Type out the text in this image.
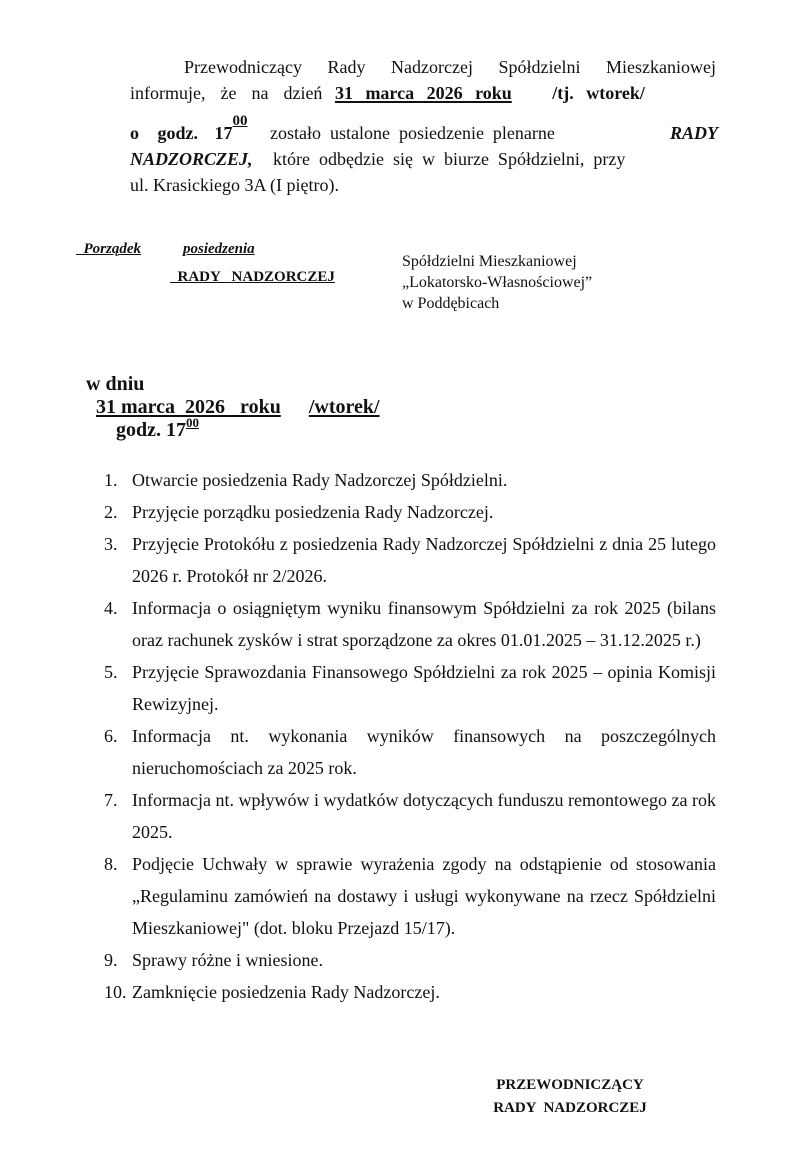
Przewodniczący Rady Nadzorczej Spółdzielni Mieszkaniowej
informuje,  że  na  dzień 31 marca 2026 roku /tj. wtorek/
o godz. $17^{00}$ zostało  ustalone  posiedzenie  plenarne	RADY
NADZORCZEJ, które  odbędzie  się  w  biurze  Spółdzielni,  przy
ul. Krasickiego 3A (I piętro).

Porządek	posiedzenia

RADY   NADZORCZEJ

Spółdzielni Mieszkaniowej
„Lokatorsko-Własnościowej”
w Poddębicach

w dniu
31 marca  2026   roku /wtorek/
godz. $17^{00}$

1. Otwarcie posiedzenia Rady Nadzorczej Spółdzielni.
2. Przyjęcie porządku posiedzenia Rady Nadzorczej.
3. Przyjęcie Protokółu z posiedzenia Rady Nadzorczej Spółdzielni z dnia 25 lutego 2026 r. Protokół nr 2/2026.
4. Informacja o osiągniętym wyniku finansowym Spółdzielni za rok 2025 (bilans oraz rachunek zysków i strat sporządzone za okres 01.01.2025 – 31.12.2025 r.)
5. Przyjęcie Sprawozdania Finansowego Spółdzielni za rok 2025 – opinia Komisji Rewizyjnej.
6. Informacja nt. wykonania wyników finansowych na poszczególnych nieruchomościach za 2025 rok.
7. Informacja nt. wpływów i wydatków dotyczących funduszu remontowego za rok 2025.
8. Podjęcie Uchwały w sprawie wyrażenia zgody na odstąpienie od stosowania „Regulaminu zamówień na dostawy i usługi wykonywane na rzecz Spółdzielni Mieszkaniowej" (dot. bloku Przejazd 15/17).
9. Sprawy różne i wniesione.
10. Zamknięcie posiedzenia Rady Nadzorczej.
PRZEWODNICZĄCY
RADY  NADZORCZEJ
